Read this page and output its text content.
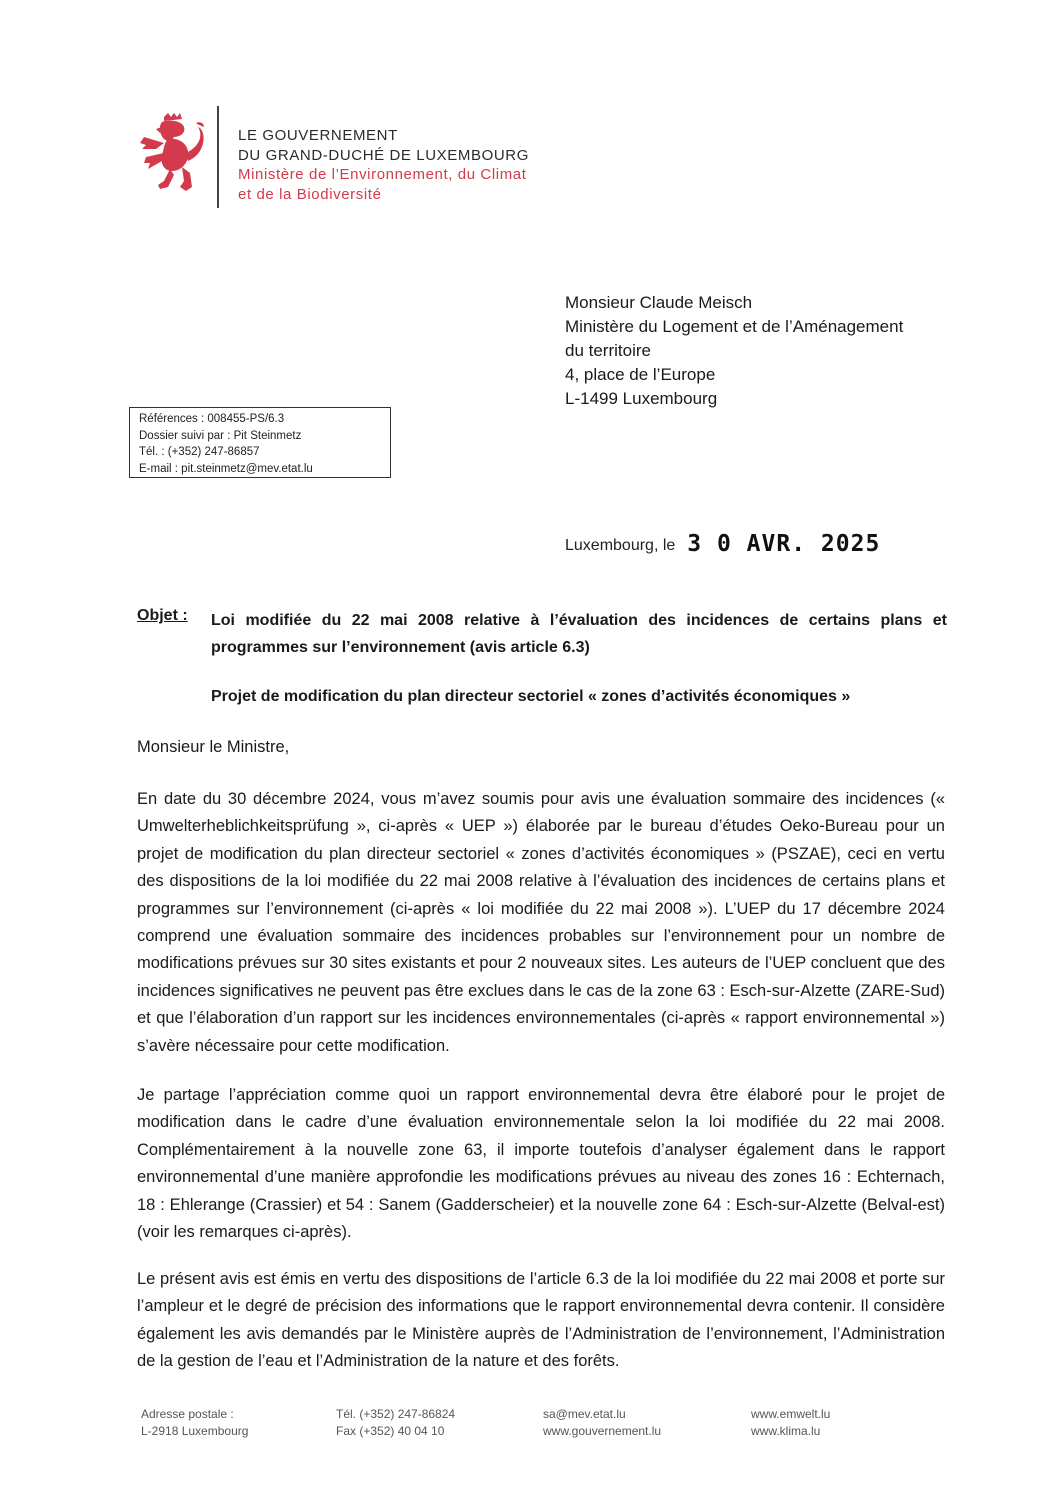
LE GOUVERNEMENT
DU GRAND-DUCHÉ DE LUXEMBOURG
Ministère de l’Environnement, du Climat
et de la Biodiversité
Monsieur Claude Meisch
Ministère du Logement et de l’Aménagement
du territoire
4, place de l’Europe
L-1499 Luxembourg
Références : 008455-PS/6.3
Dossier suivi par : Pit Steinmetz
Tél. : (+352) 247-86857
E-mail : pit.steinmetz@mev.etat.lu
Luxembourg, le 3 0 AVR. 2025
Objet : Loi modifiée du 22 mai 2008 relative à l’évaluation des incidences de certains plans et programmes sur l’environnement (avis article 6.3)
Projet de modification du plan directeur sectoriel « zones d’activités économiques »
Monsieur le Ministre,

En date du 30 décembre 2024, vous m’avez soumis pour avis une évaluation sommaire des incidences (« Umwelterheblichkeitsprüfung », ci-après « UEP ») élaborée par le bureau d’études Oeko-Bureau pour un projet de modification du plan directeur sectoriel « zones d’activités économiques » (PSZAE), ceci en vertu des dispositions de la loi modifiée du 22 mai 2008 relative à l’évaluation des incidences de certains plans et programmes sur l’environnement (ci-après « loi modifiée du 22 mai 2008 »). L’UEP du 17 décembre 2024 comprend une évaluation sommaire des incidences probables sur l’environnement pour un nombre de modifications prévues sur 30 sites existants et pour 2 nouveaux sites. Les auteurs de l’UEP concluent que des incidences significatives ne peuvent pas être exclues dans le cas de la zone 63 : Esch-sur-Alzette (ZARE-Sud) et que l’élaboration d’un rapport sur les incidences environnementales (ci-après « rapport environnemental ») s’avère nécessaire pour cette modification.

Je partage l’appréciation comme quoi un rapport environnemental devra être élaboré pour le projet de modification dans le cadre d’une évaluation environnementale selon la loi modifiée du 22 mai 2008. Complémentairement à la nouvelle zone 63, il importe toutefois d’analyser également dans le rapport environnemental d’une manière approfondie les modifications prévues au niveau des zones 16 : Echternach, 18 : Ehlerange (Crassier) et 54 : Sanem (Gadderscheier) et la nouvelle zone 64 : Esch-sur-Alzette (Belval-est) (voir les remarques ci-après).

Le présent avis est émis en vertu des dispositions de l’article 6.3 de la loi modifiée du 22 mai 2008 et porte sur l’ampleur et le degré de précision des informations que le rapport environnemental devra contenir. Il considère également les avis demandés par le Ministère auprès de l’Administration de l’environnement, l’Administration de la gestion de l’eau et l’Administration de la nature et des forêts.

Adresse postale :
L-2918 Luxembourg
Tél. (+352) 247-86824
Fax (+352) 40 04 10
sa@mev.etat.lu
www.gouvernement.lu
www.emwelt.lu
www.klima.lu
